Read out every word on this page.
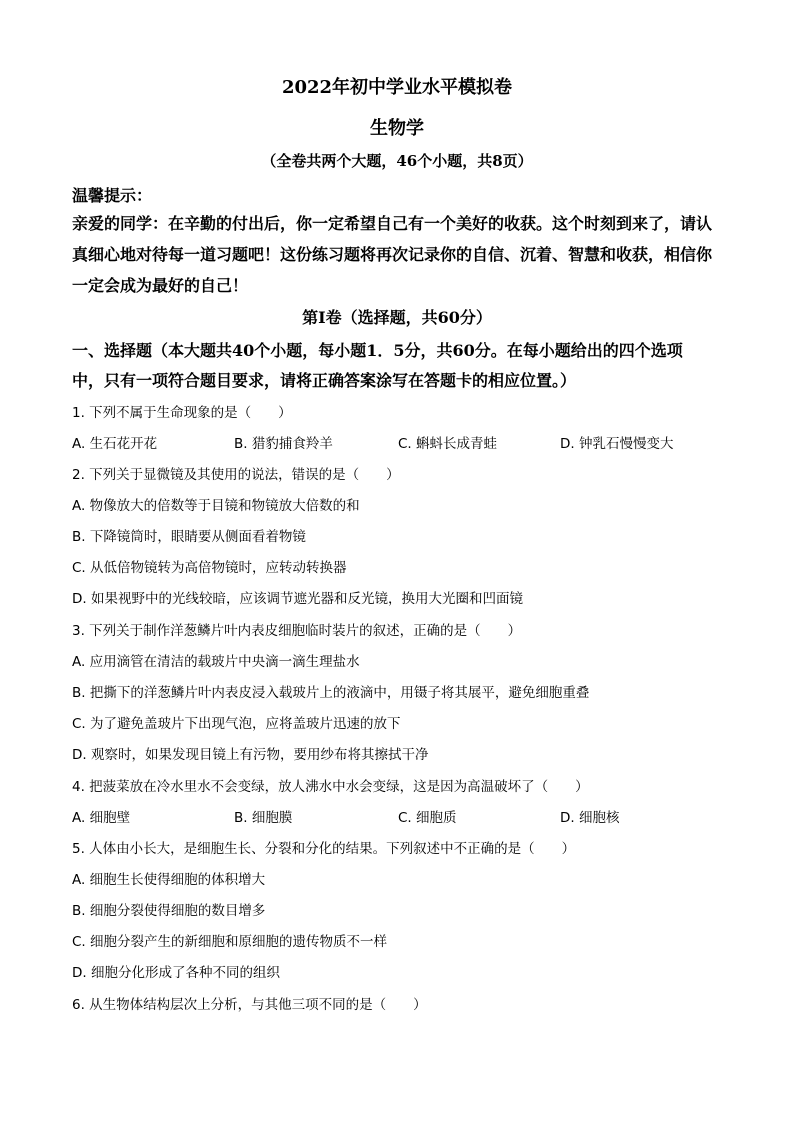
2022年初中学业水平模拟卷
生物学
（全卷共两个大题，46个小题，共8页）
温馨提示：
亲爱的同学：在辛勤的付出后，你一定希望自己有一个美好的收获。这个时刻到来了，请认
真细心地对待每一道习题吧！这份练习题将再次记录你的自信、沉着、智慧和收获，相信你
一定会成为最好的自己！
第Ⅰ卷（选择题，共60分）
一、选择题（本大题共40个小题，每小题1．5分，共60分。在每小题给出的四个选项
中，只有一项符合题目要求，请将正确答案涂写在答题卡的相应位置。）
1. 下列不属于生命现象的是（　　）
A. 生石花开花	B. 猎豹捕食羚羊	C. 蝌蚪长成青蛙	D. 钟乳石慢慢变大
2. 下列关于显微镜及其使用的说法，错误的是（　　）
A. 物像放大的倍数等于目镜和物镜放大倍数的和
B. 下降镜筒时，眼睛要从侧面看着物镜
C. 从低倍物镜转为高倍物镜时，应转动转换器
D. 如果视野中的光线较暗，应该调节遮光器和反光镜，换用大光圈和凹面镜
3. 下列关于制作洋葱鳞片叶内表皮细胞临时装片的叙述，正确的是（　　）
A. 应用滴管在清洁的载玻片中央滴一滴生理盐水
B. 把撕下的洋葱鳞片叶内表皮浸入载玻片上的液滴中，用镊子将其展平，避免细胞重叠
C. 为了避免盖玻片下出现气泡，应将盖玻片迅速的放下
D. 观察时，如果发现目镜上有污物，要用纱布将其擦拭干净
4. 把菠菜放在冷水里水不会变绿，放人沸水中水会变绿，这是因为高温破坏了（　　）
A. 细胞壁	B. 细胞膜	C. 细胞质	D. 细胞核
5. 人体由小长大，是细胞生长、分裂和分化的结果。下列叙述中不正确的是（　　）
A. 细胞生长使得细胞的体积增大
B. 细胞分裂使得细胞的数目增多
C. 细胞分裂产生的新细胞和原细胞的遗传物质不一样
D. 细胞分化形成了各种不同的组织
6. 从生物体结构层次上分析，与其他三项不同的是（　　）
